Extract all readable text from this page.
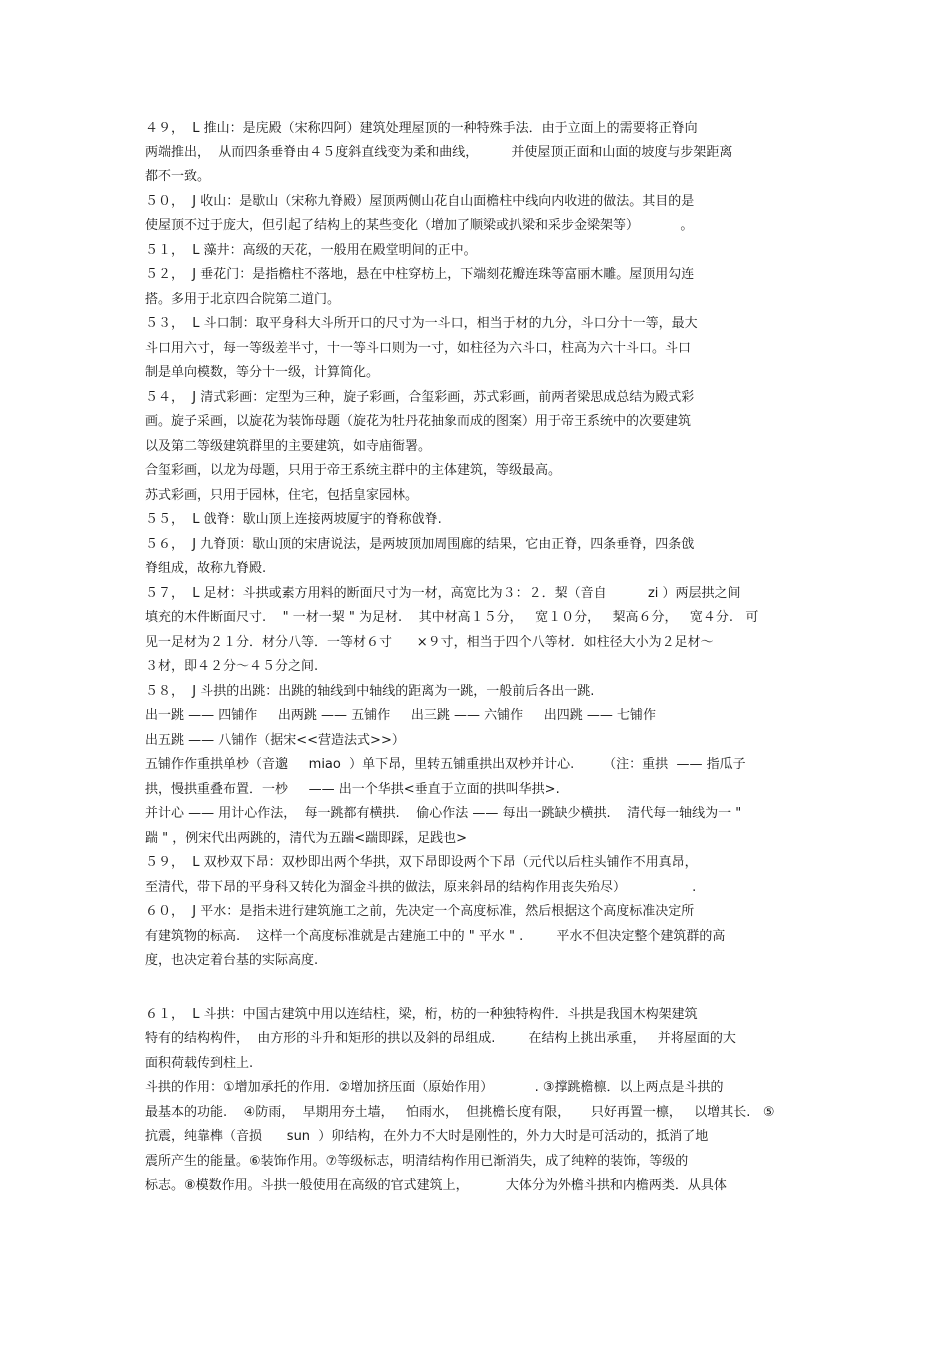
４９，  L 推山：是庑殿（宋称四阿）建筑处理屋顶的一种特殊手法．由于立面上的需要将正脊向
两端推出，  从而四条垂脊由４５度斜直线变为柔和曲线，        并使屋顶正面和山面的坡度与步架距离
都不一致。
５０，  J 收山：是歇山（宋称九脊殿）屋顶两侧山花自山面檐柱中线向内收进的做法。其目的是
使屋顶不过于庞大，但引起了结构上的某些变化（增加了顺梁或扒梁和采步金梁架等）          。
５１，  L 藻井：高级的天花，一般用在殿堂明间的正中。
５２，  J 垂花门：是指檐柱不落地，悬在中柱穿枋上，下端刻花瓣连珠等富丽木雕。屋顶用勾连
搭。多用于北京四合院第二道门。
５３，  L 斗口制：取平身科大斗所开口的尺寸为一斗口，相当于材的九分，斗口分十一等，最大
斗口用六寸，每一等级差半寸，十一等斗口则为一寸，如柱径为六斗口，柱高为六十斗口。斗口
制是单向模数，等分十一级，计算简化。
５４，  J 清式彩画：定型为三种，旋子彩画，合玺彩画，苏式彩画，前两者梁思成总结为殿式彩
画。旋子采画，以旋花为装饰母题（旋花为牡丹花抽象而成的图案）用于帝王系统中的次要建筑
以及第二等级建筑群里的主要建筑，如寺庙衙署。
合玺彩画，以龙为母题，只用于帝王系统主群中的主体建筑，等级最高。
苏式彩画，只用于园林，住宅，包括皇家园林。
５５，  L 戗脊：歇山顶上连接两坡厦宇的脊称戗脊.
５６，  J 九脊顶：歇山顶的宋唐说法，是两坡顶加周围廊的结果，它由正脊，四条垂脊，四条戗
脊组成，故称九脊殿.
５７，  L 足材：斗拱或素方用料的断面尺寸为一材，高宽比为３：２．栔（音自          zi ）两层拱之间
填充的木件断面尺寸.    " 一材一栔 " 为足材.    其中材高１５分，   宽１０分，   栔高６分，   宽４分.   可
见一足材为２１分．材分八等．一等材６寸      ×９寸，相当于四个八等材．如柱径大小为２足材～
３材，即４２分～４５分之间.
５８，  J 斗拱的出跳：出跳的轴线到中轴线的距离为一跳，一般前后各出一跳.
出一跳 —— 四铺作     出两跳 —— 五铺作     出三跳 —— 六铺作     出四跳 —— 七铺作
出五跳 —— 八铺作（据宋<<营造法式>>）
五铺作作重拱单杪（音邈     miao  ）单下昂，里转五铺重拱出双杪并计心.       （注：重拱  —— 指瓜子
拱，慢拱重叠布置．一杪     —— 出一个华拱<垂直于立面的拱叫华拱>.
并计心 —— 用计心作法，  每一跳都有横拱.    偷心作法 —— 每出一跳缺少横拱.    清代每一轴线为一 "
踹 " ，例宋代出两跳的，清代为五踹<踹即踩，足践也>
５９，  L 双杪双下昂：双杪即出两个华拱，双下昂即设两个下昂（元代以后柱头铺作不用真昂，
至清代，带下昂的平身科又转化为溜金斗拱的做法，原来斜昂的结构作用丧失殆尽）                .
６０，  J 平水：是指未进行建筑施工之前，先决定一个高度标准，然后根据这个高度标准决定所
有建筑物的标高.    这样一个高度标准就是古建施工中的 " 平水 " .        平水不但决定整个建筑群的高
度，也决定着台基的实际高度.
６１，  L 斗拱：中国古建筑中用以连结柱，梁，桁，枋的一种独特构件．斗拱是我国木构架建筑
特有的结构构件，  由方形的斗升和矩形的拱以及斜的昂组成.        在结构上挑出承重，   并将屋面的大
面积荷载传到柱上.
斗拱的作用：①增加承托的作用．②增加挤压面（原始作用）          . ③撑跳檐檩．以上两点是斗拱的
最基本的功能.    ④防雨，  早期用夯土墙，   怕雨水，  但挑檐长度有限，     只好再置一檩，   以增其长.   ⑤
抗震，纯靠榫（音损      sun  ）卯结构，在外力不大时是刚性的，外力大时是可活动的，抵消了地
震所产生的能量。⑥装饰作用。⑦等级标志，明清结构作用已渐消失，成了纯粹的装饰，等级的
标志。⑧模数作用。斗拱一般使用在高级的官式建筑上，         大体分为外檐斗拱和内檐两类．从具体
